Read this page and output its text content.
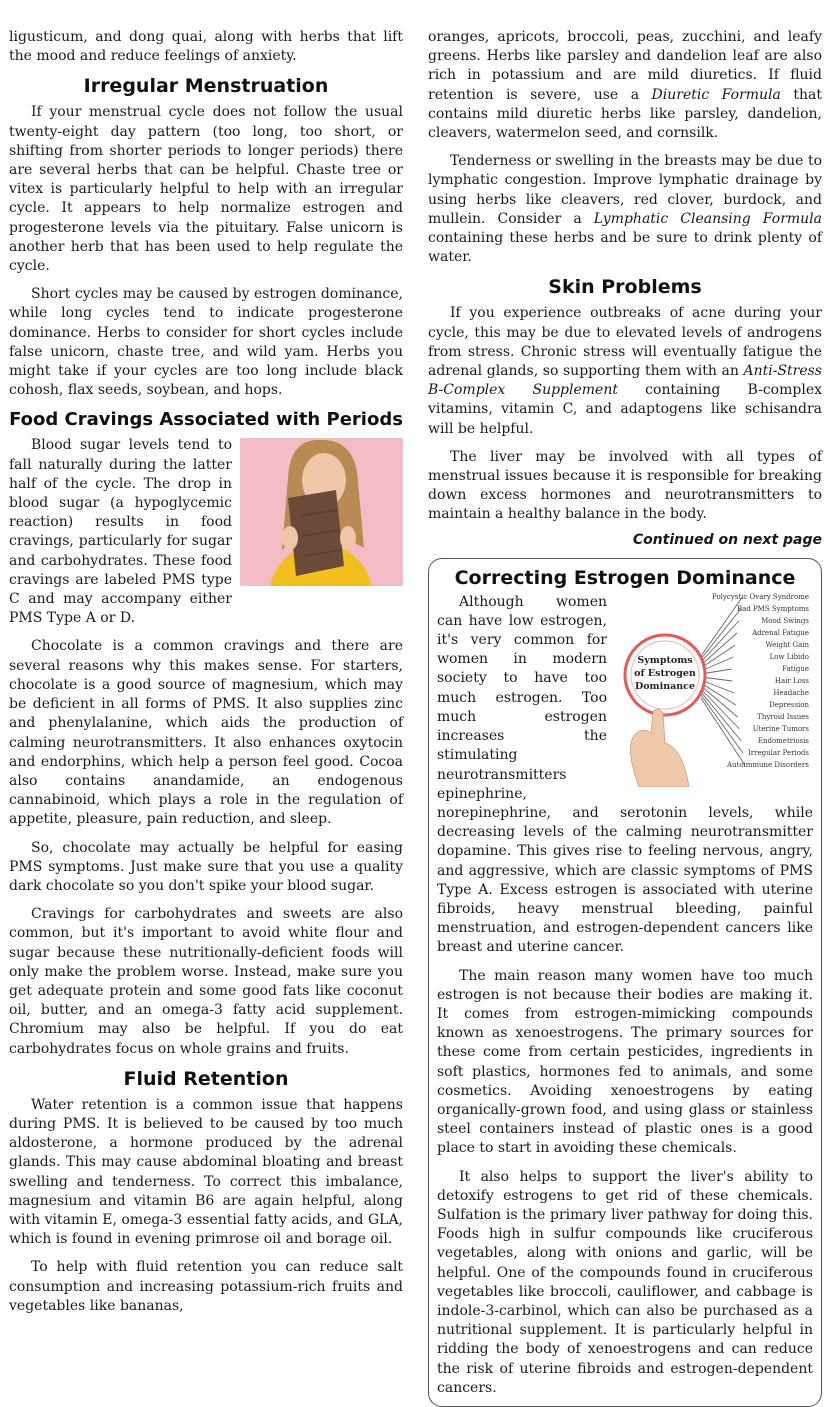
ligusticum, and dong quai, along with herbs that lift the mood and reduce feelings of anxiety.

Irregular Menstruation

If your menstrual cycle does not follow the usual twenty-eight day pattern (too long, too short, or shifting from shorter periods to longer periods) there are several herbs that can be helpful. Chaste tree or vitex is particularly helpful to help with an irregular cycle. It appears to help normalize estrogen and progesterone levels via the pituitary. False unicorn is another herb that has been used to help regulate the cycle.

Short cycles may be caused by estrogen dominance, while long cycles tend to indicate progesterone dominance. Herbs to consider for short cycles include false unicorn, chaste tree, and wild yam. Herbs you might take if your cycles are too long include black cohosh, flax seeds, soybean, and hops.

Food Cravings Associated with Periods

Blood sugar levels tend to fall naturally during the latter half of the cycle. The drop in blood sugar (a hypoglycemic reaction) results in food cravings, particularly for sugar and carbohydrates. These food cravings are labeled PMS type C and may accompany either PMS Type A or D.

Chocolate is a common cravings and there are several reasons why this makes sense. For starters, chocolate is a good source of magnesium, which may be deficient in all forms of PMS. It also supplies zinc and phenylalanine, which aids the production of calming neurotransmitters. It also enhances oxytocin and endorphins, which help a person feel good. Cocoa also contains anandamide, an endogenous cannabinoid, which plays a role in the regulation of appetite, pleasure, pain reduction, and sleep.

So, chocolate may actually be helpful for easing PMS symptoms. Just make sure that you use a quality dark chocolate so you don't spike your blood sugar.

Cravings for carbohydrates and sweets are also common, but it's important to avoid white flour and sugar because these nutritionally-deficient foods will only make the problem worse. Instead, make sure you get adequate protein and some good fats like coconut oil, butter, and an omega-3 fatty acid supplement. Chromium may also be helpful. If you do eat carbohydrates focus on whole grains and fruits.

Fluid Retention

Water retention is a common issue that happens during PMS. It is believed to be caused by too much aldosterone, a hormone produced by the adrenal glands. This may cause abdominal bloating and breast swelling and tenderness. To correct this imbalance, magnesium and vitamin B6 are again helpful, along with vitamin E, omega-3 essential fatty acids, and GLA, which is found in evening primrose oil and borage oil.

To help with fluid retention you can reduce salt consumption and increasing potassium-rich fruits and vegetables like bananas,

oranges, apricots, broccoli, peas, zucchini, and leafy greens. Herbs like parsley and dandelion leaf are also rich in potassium and are mild diuretics. If fluid retention is severe, use a Diuretic Formula that contains mild diuretic herbs like parsley, dandelion, cleavers, watermelon seed, and cornsilk.

Tenderness or swelling in the breasts may be due to lymphatic congestion. Improve lymphatic drainage by using herbs like cleavers, red clover, burdock, and mullein. Consider a Lymphatic Cleansing Formula containing these herbs and be sure to drink plenty of water.

Skin Problems

If you experience outbreaks of acne during your cycle, this may be due to elevated levels of androgens from stress. Chronic stress will eventually fatigue the adrenal glands, so supporting them with an Anti-Stress B-Complex Supplement containing B-complex vitamins, vitamin C, and adaptogens like schisandra will be helpful.

The liver may be involved with all types of menstrual issues because it is responsible for breaking down excess hormones and neurotransmitters to maintain a healthy balance in the body.

Continued on next page
Correcting Estrogen Dominance
Symptoms
of Estrogen
Dominance
Polycystic Ovary Syndrome
Bad PMS Symptoms
Mood Swings
Adrenal Fatigue
Weight Gain
Low Libido
Fatigue
Hair Loss
Headache
Depression
Thyroid Issues
Uterine Tumors
Endometriosis
Irregular Periods
Autoimmune Disorders

Although women can have low estrogen, it's very common for women in modern society to have too much estrogen. Too much estrogen increases the stimulating neurotransmitters epinephrine, norepinephrine, and serotonin levels, while decreasing levels of the calming neurotransmitter dopamine. This gives rise to feeling nervous, angry, and aggressive, which are classic symptoms of PMS Type A. Excess estrogen is associated with uterine fibroids, heavy menstrual bleeding, painful menstruation, and estrogen-dependent cancers like breast and uterine cancer.

The main reason many women have too much estrogen is not because their bodies are making it. It comes from estrogen-mimicking compounds known as xenoestrogens. The primary sources for these come from certain pesticides, ingredients in soft plastics, hormones fed to animals, and some cosmetics. Avoiding xenoestrogens by eating organically-grown food, and using glass or stainless steel containers instead of plastic ones is a good place to start in avoiding these chemicals.

It also helps to support the liver's ability to detoxify estrogens to get rid of these chemicals. Sulfation is the primary liver pathway for doing this. Foods high in sulfur compounds like cruciferous vegetables, along with onions and garlic, will be helpful. One of the compounds found in cruciferous vegetables like broccoli, cauliflower, and cabbage is indole-3-carbinol, which can also be purchased as a nutritional supplement. It is particularly helpful in ridding the body of xenoestrogens and can reduce the risk of uterine fibroids and estrogen-dependent cancers.
